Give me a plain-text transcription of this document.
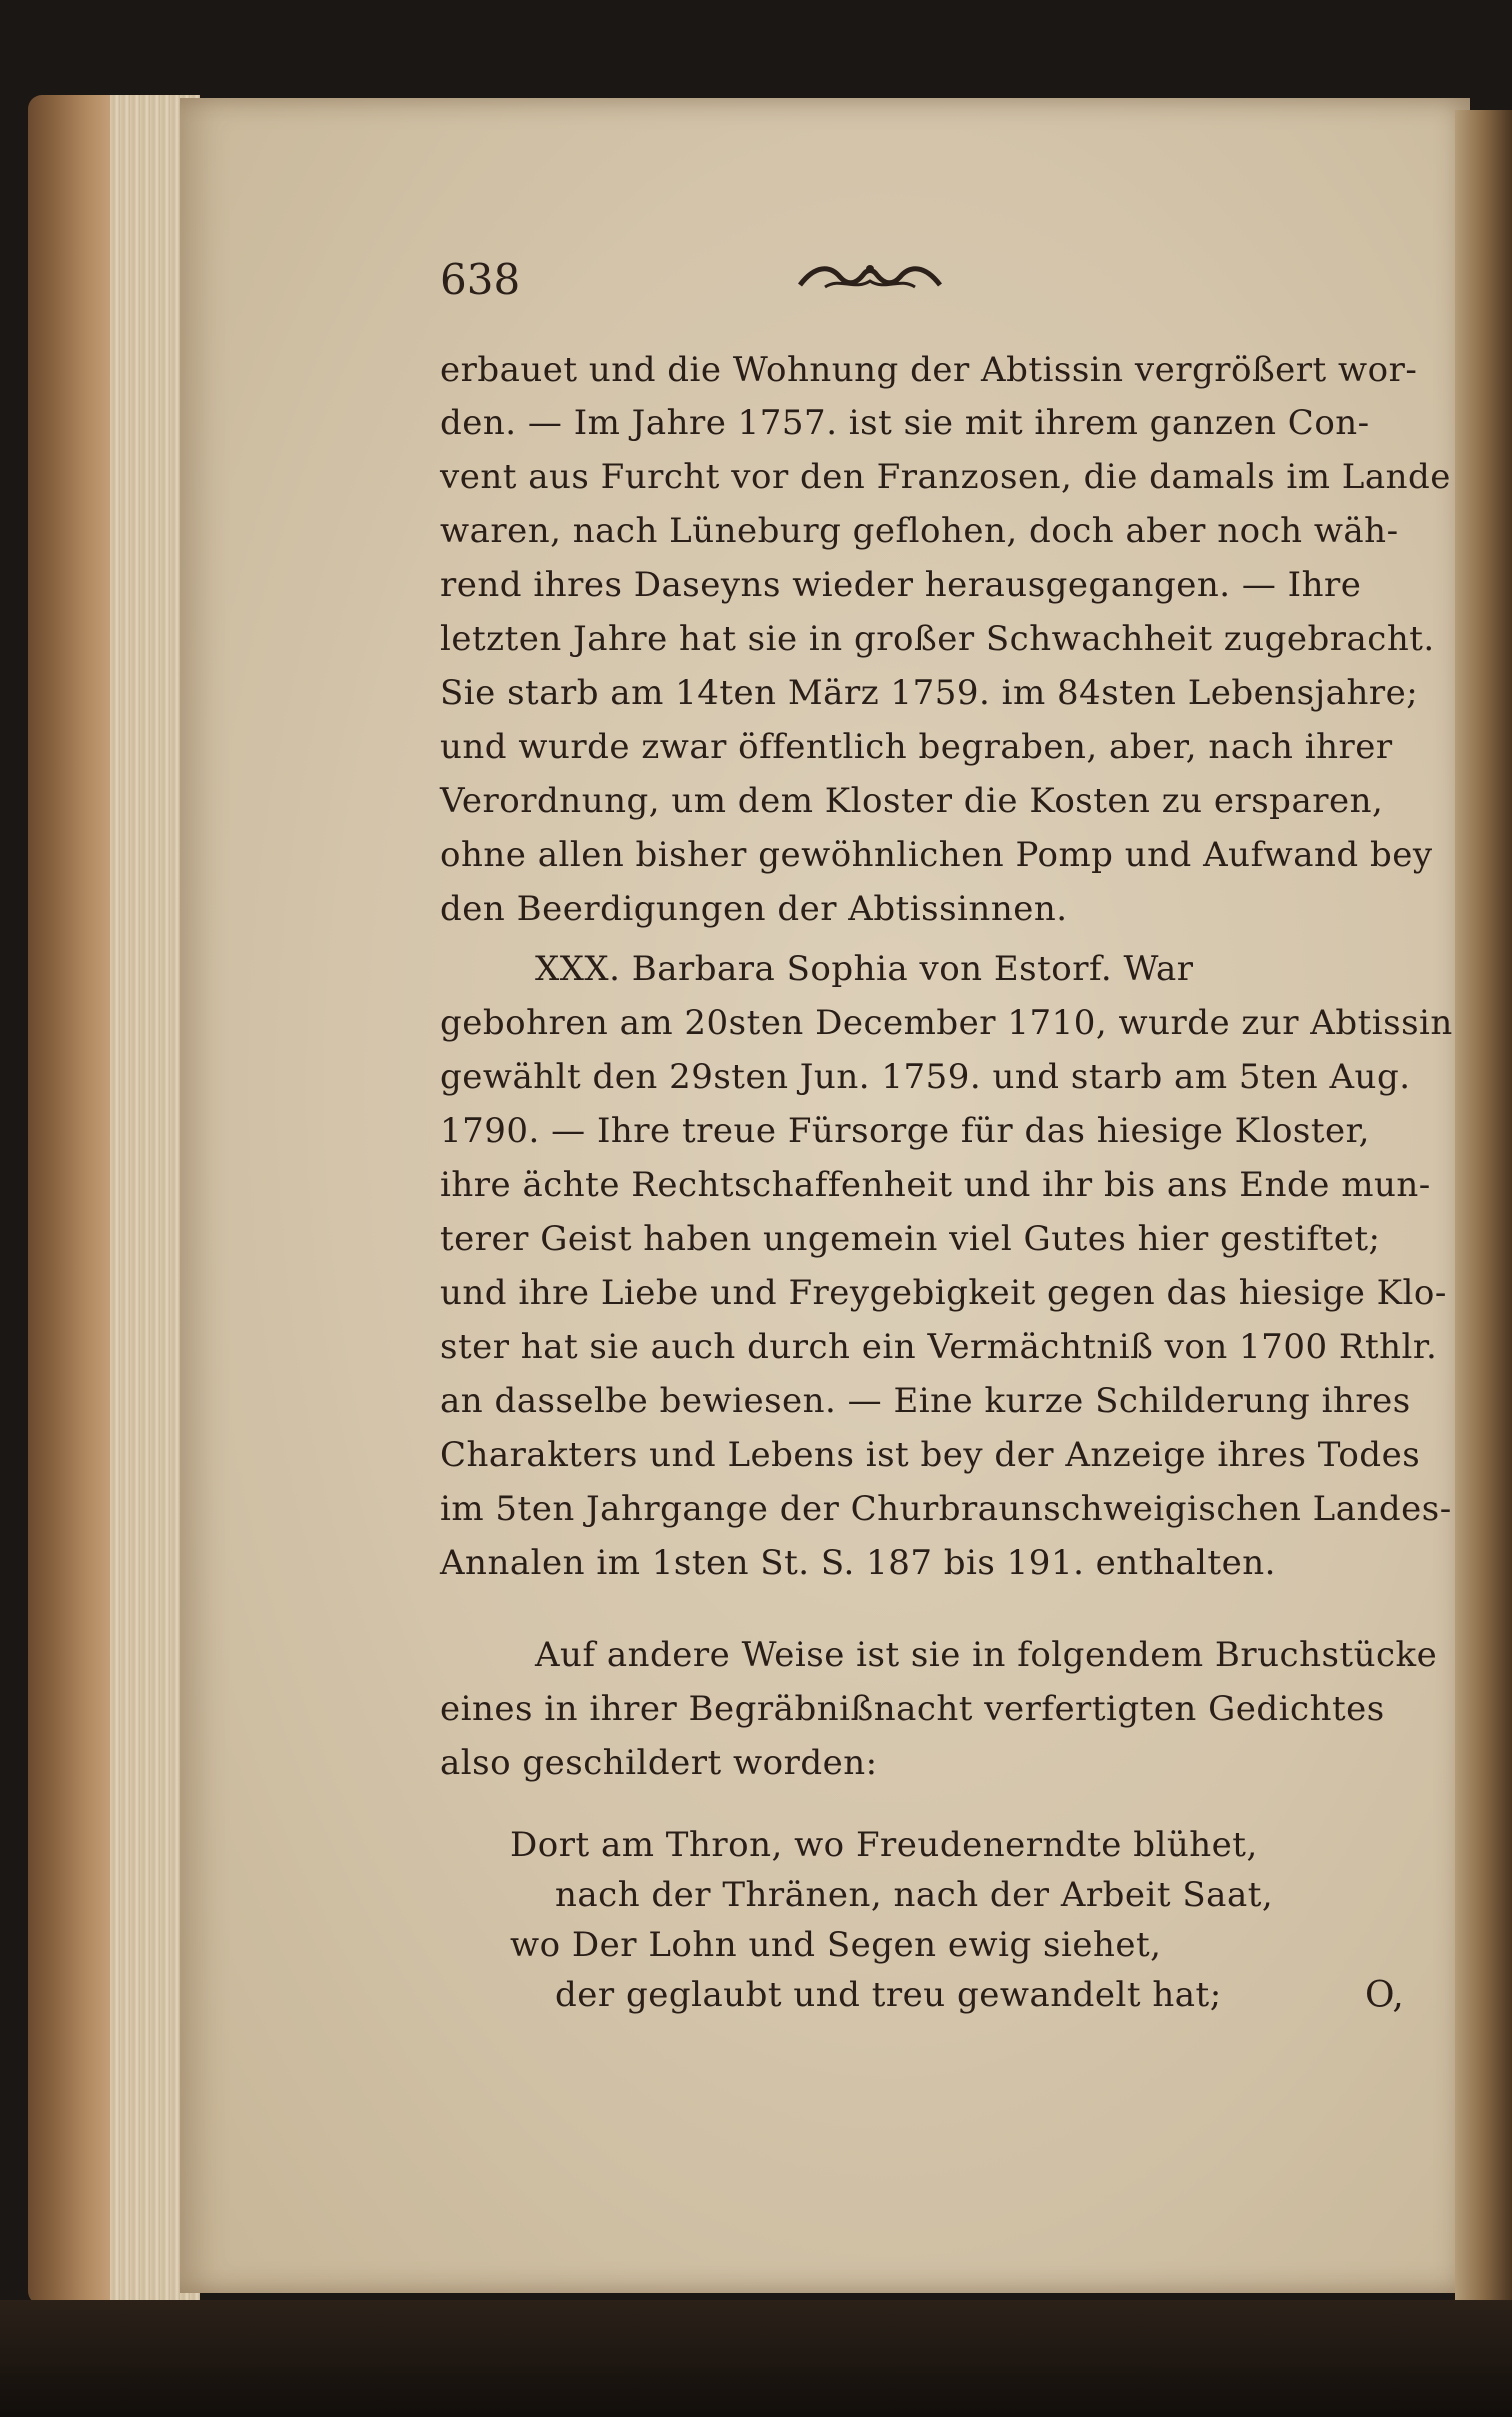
638
erbauet und die Wohnung der Abtissin vergrößert wor-
den. — Im Jahre 1757. ist sie mit ihrem ganzen Con-
vent aus Furcht vor den Franzosen, die damals im Lande
waren, nach Lüneburg geflohen, doch aber noch wäh-
rend ihres Daseyns wieder herausgegangen. — Ihre
letzten Jahre hat sie in großer Schwachheit zugebracht.
Sie starb am 14ten März 1759. im 84sten Lebensjahre;
und wurde zwar öffentlich begraben, aber, nach ihrer
Verordnung, um dem Kloster die Kosten zu ersparen,
ohne allen bisher gewöhnlichen Pomp und Aufwand bey
den Beerdigungen der Abtissinnen.
XXX. Barbara Sophia von Estorf. War
gebohren am 20sten December 1710, wurde zur Abtissin
gewählt den 29sten Jun. 1759. und starb am 5ten Aug.
1790. — Ihre treue Fürsorge für das hiesige Kloster,
ihre ächte Rechtschaffenheit und ihr bis ans Ende mun-
terer Geist haben ungemein viel Gutes hier gestiftet;
und ihre Liebe und Freygebigkeit gegen das hiesige Klo-
ster hat sie auch durch ein Vermächtniß von 1700 Rthlr.
an dasselbe bewiesen. — Eine kurze Schilderung ihres
Charakters und Lebens ist bey der Anzeige ihres Todes
im 5ten Jahrgange der Churbraunschweigischen Landes-
Annalen im 1sten St. S. 187 bis 191. enthalten.
Auf andere Weise ist sie in folgendem Bruchstücke
eines in ihrer Begräbnißnacht verfertigten Gedichtes
also geschildert worden:
Dort am Thron, wo Freudenerndte blühet,
nach der Thränen, nach der Arbeit Saat,
wo Der Lohn und Segen ewig siehet,
der geglaubt und treu gewandelt hat;	O,
